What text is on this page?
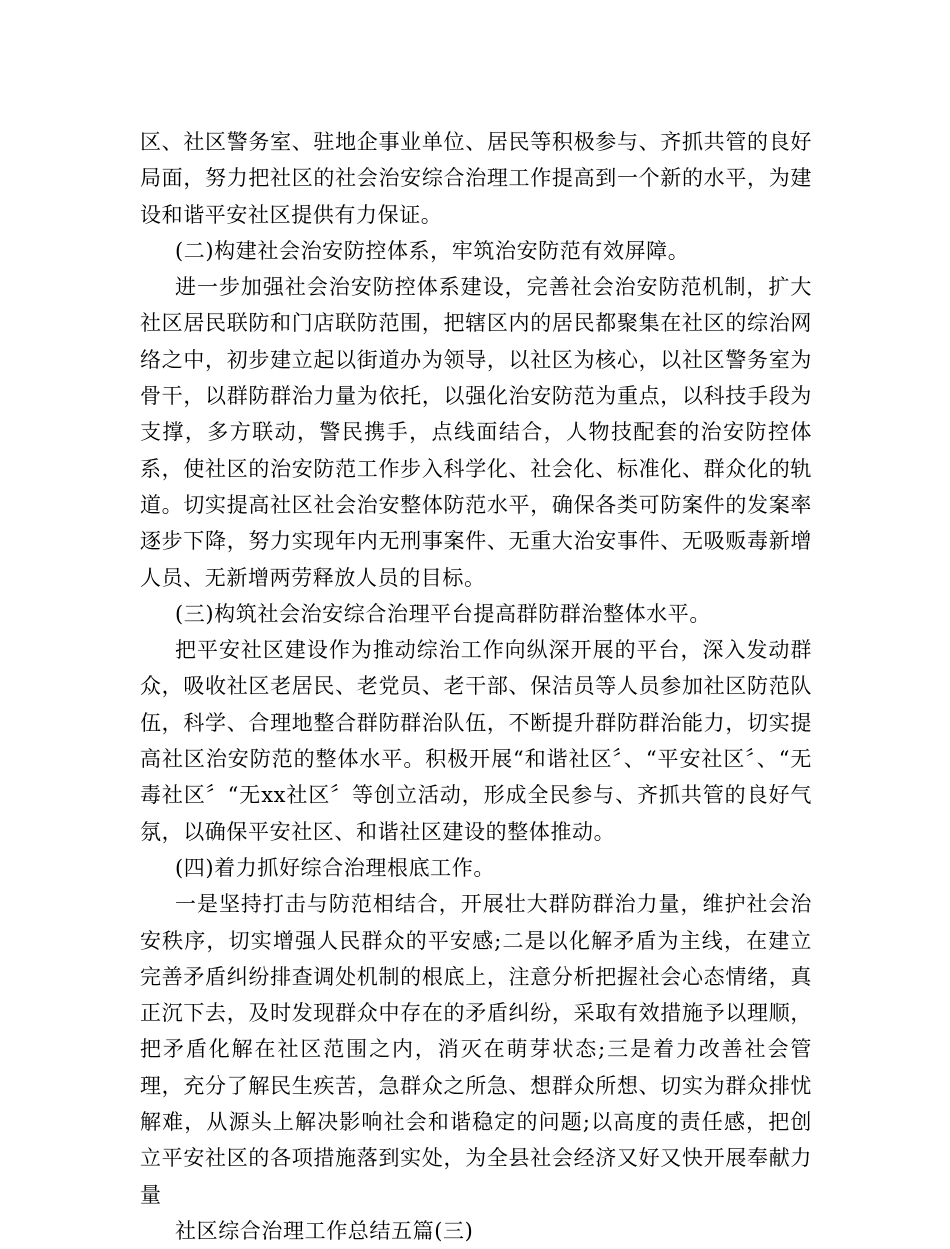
区、社区警务室、驻地企事业单位、居民等积极参与、齐抓共管的良好局面，努力把社区的社会治安综合治理工作提高到一个新的水平，为建设和谐平安社区提供有力保证。

(二)构建社会治安防控体系，牢筑治安防范有效屏障。

进一步加强社会治安防控体系建设，完善社会治安防范机制，扩大社区居民联防和门店联防范围，把辖区内的居民都聚集在社区的综治网络之中，初步建立起以街道办为领导，以社区为核心，以社区警务室为骨干，以群防群治力量为依托，以强化治安防范为重点，以科技手段为支撑，多方联动，警民携手，点线面结合，人物技配套的治安防控体系，使社区的治安防范工作步入科学化、社会化、标准化、群众化的轨道。切实提高社区社会治安整体防范水平，确保各类可防案件的发案率逐步下降，努力实现年内无刑事案件、无重大治安事件、无吸贩毒新增人员、无新增两劳释放人员的目标。

(三)构筑社会治安综合治理平台提高群防群治整体水平。

把平安社区建设作为推动综治工作向纵深开展的平台，深入发动群众，吸收社区老居民、老党员、老干部、保洁员等人员参加社区防范队伍，科学、合理地整合群防群治队伍，不断提升群防群治能力，切实提高社区治安防范的整体水平。积极开展“和谐社区〞、“平安社区〞、“无毒社区〞“无xx社区〞等创立活动，形成全民参与、齐抓共管的良好气氛，以确保平安社区、和谐社区建设的整体推动。

(四)着力抓好综合治理根底工作。

一是坚持打击与防范相结合，开展壮大群防群治力量，维护社会治安秩序，切实增强人民群众的平安感;二是以化解矛盾为主线，在建立完善矛盾纠纷排查调处机制的根底上，注意分析把握社会心态情绪，真正沉下去，及时发现群众中存在的矛盾纠纷，采取有效措施予以理顺，把矛盾化解在社区范围之内，消灭在萌芽状态;三是着力改善社会管理，充分了解民生疾苦，急群众之所急、想群众所想、切实为群众排忧解难，从源头上解决影响社会和谐稳定的问题;以高度的责任感，把创立平安社区的各项措施落到实处，为全县社会经济又好又快开展奉献力量

社区综合治理工作总结五篇(三)
